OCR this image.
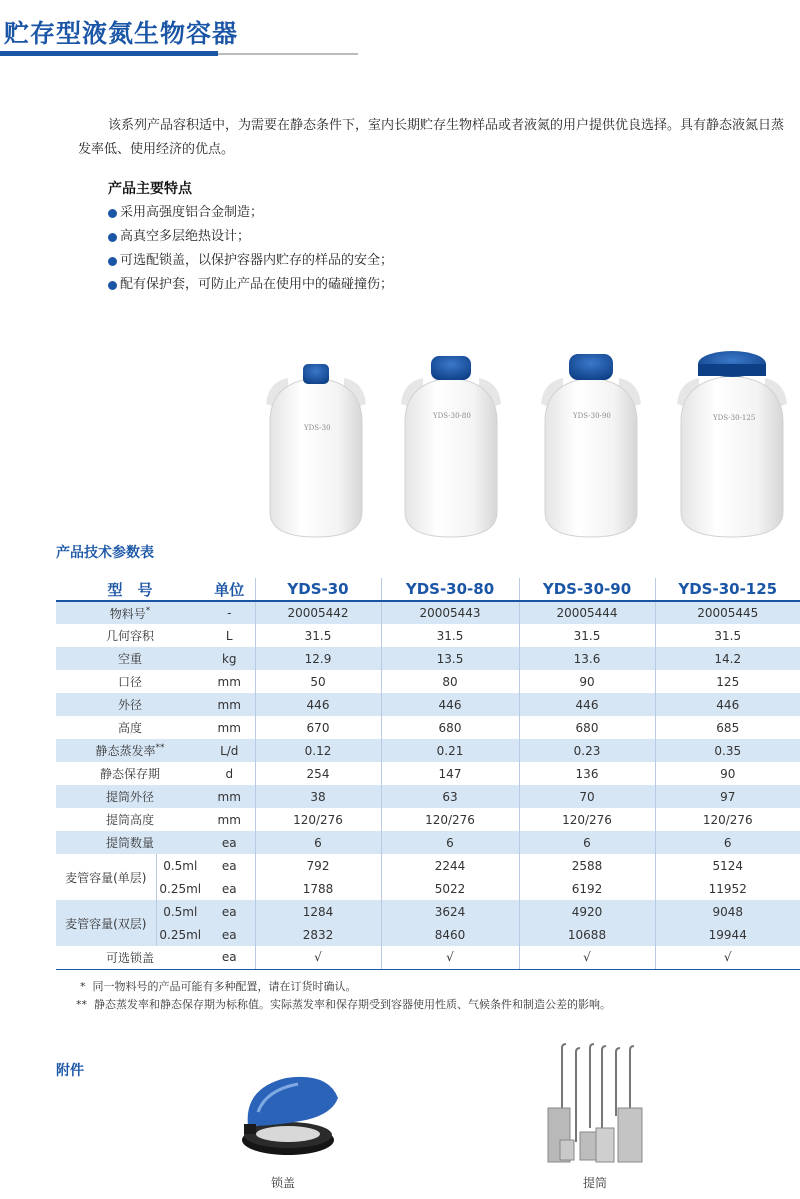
贮存型液氮生物容器

该系列产品容积适中，为需要在静态条件下，室内长期贮存生物样品或者液氮的用户提供优良选择。具有静态液氮日蒸发率低、使用经济的优点。

产品主要特点
采用高强度铝合金制造；
高真空多层绝热设计；
可选配锁盖，以保护容器内贮存的样品的安全；
配有保护套，可防止产品在使用中的磕碰撞伤；
YDS-30
YDS-30-80	YDS-30-90	YDS-30-125
产品技术参数表
型　号		单位	YDS-30	YDS-30-80	YDS-30-90	YDS-30-125
物料号*		-	20005442	20005443	20005444	20005445
几何容积		L	31.5	31.5	31.5	31.5
空重		kg	12.9	13.5	13.6	14.2
口径		mm	50	80	90	125
外径		mm	446	446	446	446
高度		mm	670	680	680	685
静态蒸发率**		L/d	0.12	0.21	0.23	0.35
静态保存期		d	254	147	136	90
提筒外径		mm	38	63	70	97
提筒高度		mm	120/276	120/276	120/276	120/276
提筒数量		ea	6	6	6	6
麦管容量(单层)	0.5ml	ea	792	2244	2588	5124
	0.25ml	ea	1788	5022	6192	11952
麦管容量(双层)	0.5ml	ea	1284	3624	4920	9048
	0.25ml	ea	2832	8460	10688	19944
可选锁盖		ea	√	√	√	√
* 同一物料号的产品可能有多种配置，请在订货时确认。
** 静态蒸发率和静态保存期为标称值。实际蒸发率和保存期受到容器使用性质、气候条件和制造公差的影响。
附件
锁盖	提筒
